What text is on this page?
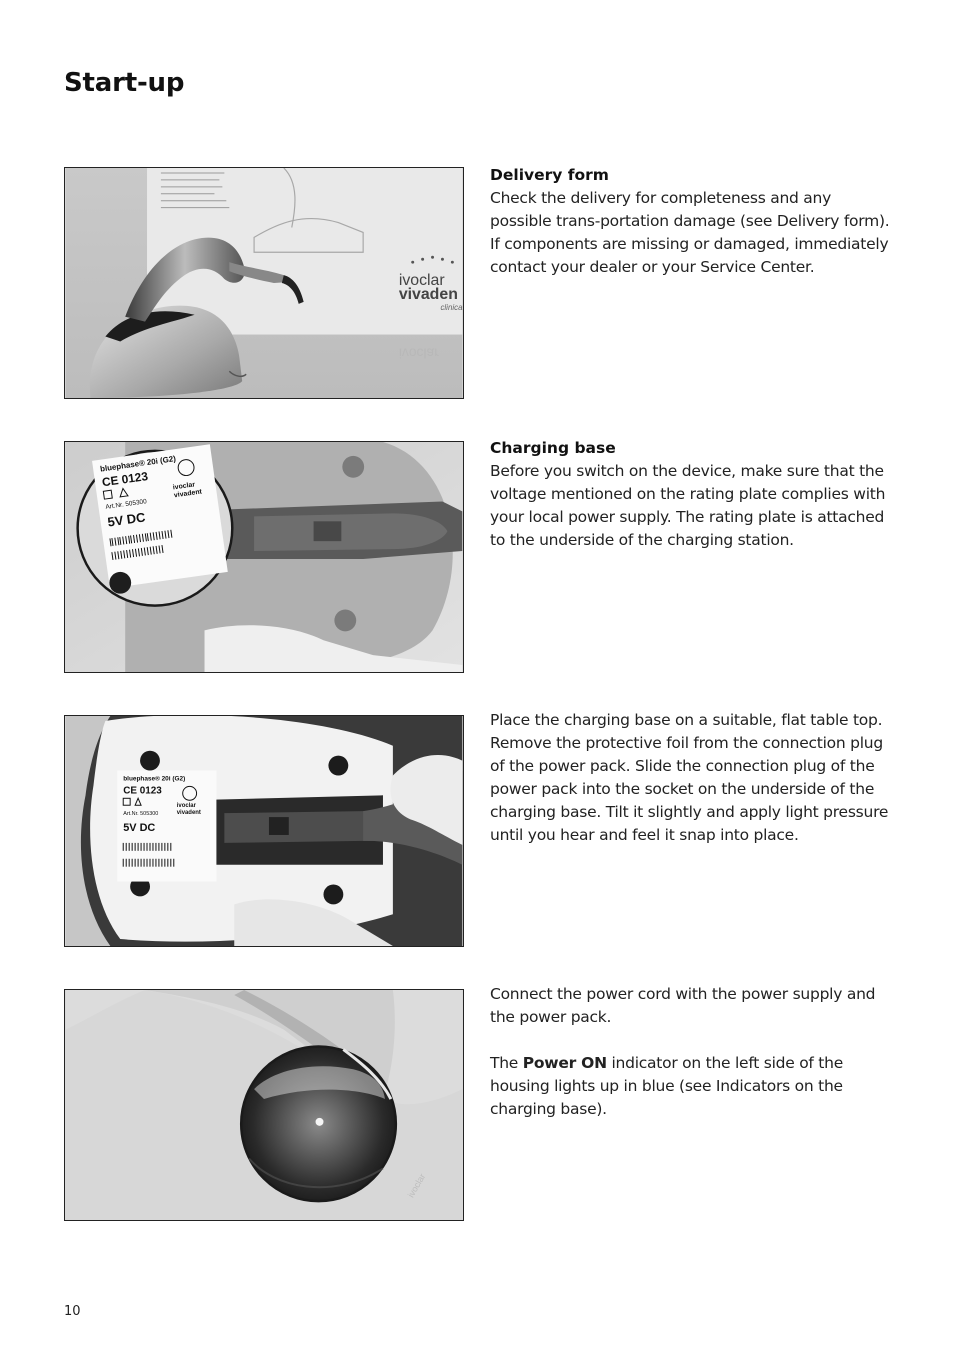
Start-up
ivoclar
vivaden
clinica
ivoclar
Delivery form

Check the delivery for completeness and any possible trans-portation damage (see Delivery form). If components are missing or damaged, immediately contact your dealer or your Service Center.

bluephase® 20i (G2)
CE 0123
Art.Nr. 505300
5V DC
ivoclar
vivadent
Charging base

Before you switch on the device, make sure that the voltage mentioned on the rating plate complies with your local power supply. The rating plate is attached to the underside of the charging station.

bluephase® 20i (G2)
CE 0123
Art.Nr. 505300
5V DC
ivoclar
vivadent

Place the charging base on a suitable, flat table top. Remove the protective foil from the connection plug of the power pack. Slide the connection plug of the power pack into the socket on the underside of the charging base. Tilt it slightly and apply light pressure until you hear and feel it snap into place.

ivoclar

Connect the power cord with the power supply and the power pack.

The Power ON indicator on the left side of the housing lights up in blue (see Indicators on the charging base).

10
